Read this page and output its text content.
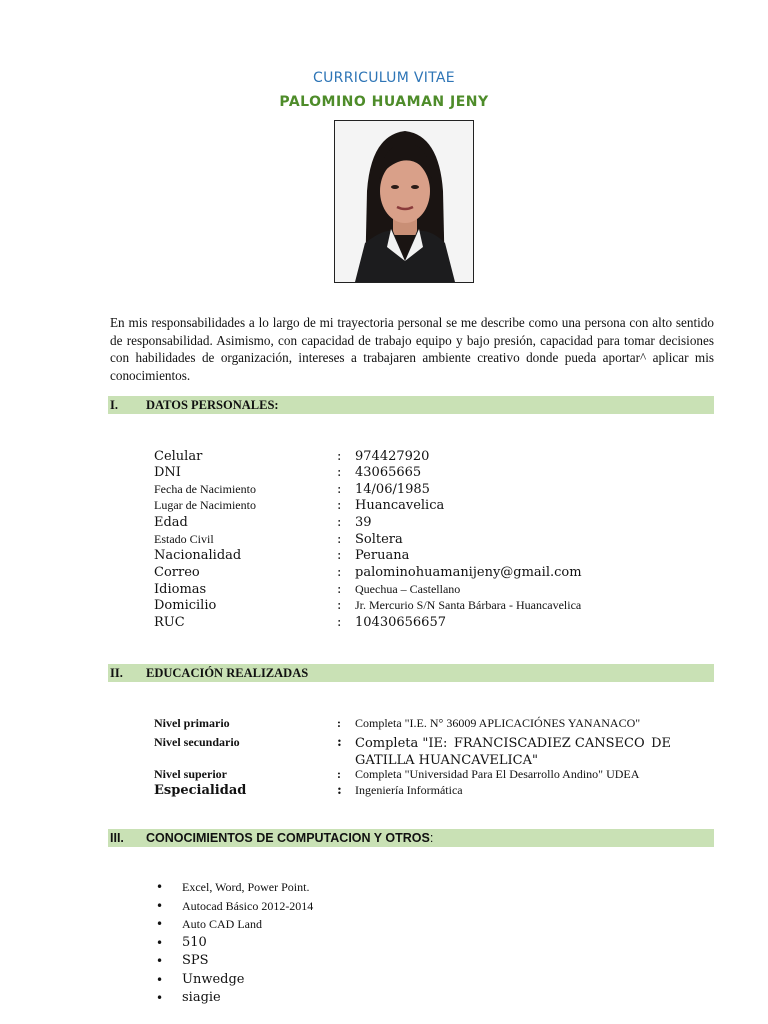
CURRICULUM VITAE
PALOMINO HUAMAN JENY
En mis responsabilidades a lo largo de mi trayectoria personal se me describe como una persona con alto sentido de responsabilidad. Asimismo, con capacidad de trabajo equipo y bajo presión, capacidad para tomar decisiones con habilidades de organización, intereses a trabajaren ambiente creativo donde pueda aportar^ aplicar mis conocimientos.
I. DATOS PERSONALES:
Celular	: 974427920
DNI	: 43065665
Fecha de Nacimiento	: 14/06/1985
Lugar de Nacimiento	: Huancavelica
Edad	: 39
Estado Civil	: Soltera
Nacionalidad	: Peruana
Correo	: palominohuamanijeny@gmail.com
Idiomas	: Quechua – Castellano
Domicilio	: Jr. Mercurio S/N Santa Bárbara - Huancavelica
RUC	: 10430656657
II. EDUCACIÓN REALIZADAS
Nivel primario	: Completa "I.E. N° 36009 APLICACIÓNES YANANACO"
Nivel secundario	: Completa "IE: FRANCISCADIEZ CANSECO DE
GATILLA HUANCAVELICA"
Nivel superior	: Completa "Universidad Para El Desarrollo Andino" UDEA
Especialidad	: Ingeniería Informática
III. CONOCIMIENTOS DE COMPUTACION Y OTROS:
• Excel, Word, Power Point.
• Autocad Básico 2012-2014
• Auto CAD Land
• 510
• SPS
• Unwedge
• siagie
